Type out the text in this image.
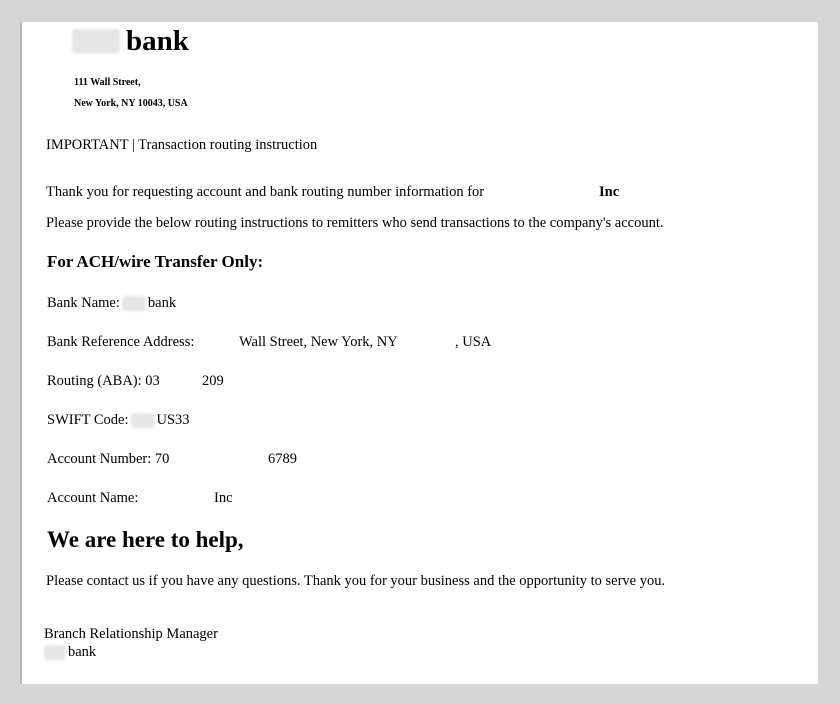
bank
111 Wall Street,
New York, NY 10043, USA
IMPORTANT | Transaction routing instruction
Thank you for requesting account and bank routing number information for	Inc
Please provide the below routing instructions to remitters who send transactions to the company's account.
For ACH/wire Transfer Only:
Bank Name: bank
Bank Reference Address:	Wall Street, New York, NY	, USA
Routing (ABA): 03	209
SWIFT Code: US33
Account Number: 70	6789
Account Name:	Inc
We are here to help,
Please contact us if you have any questions. Thank you for your business and the opportunity to serve you.
Branch Relationship Manager
bank
